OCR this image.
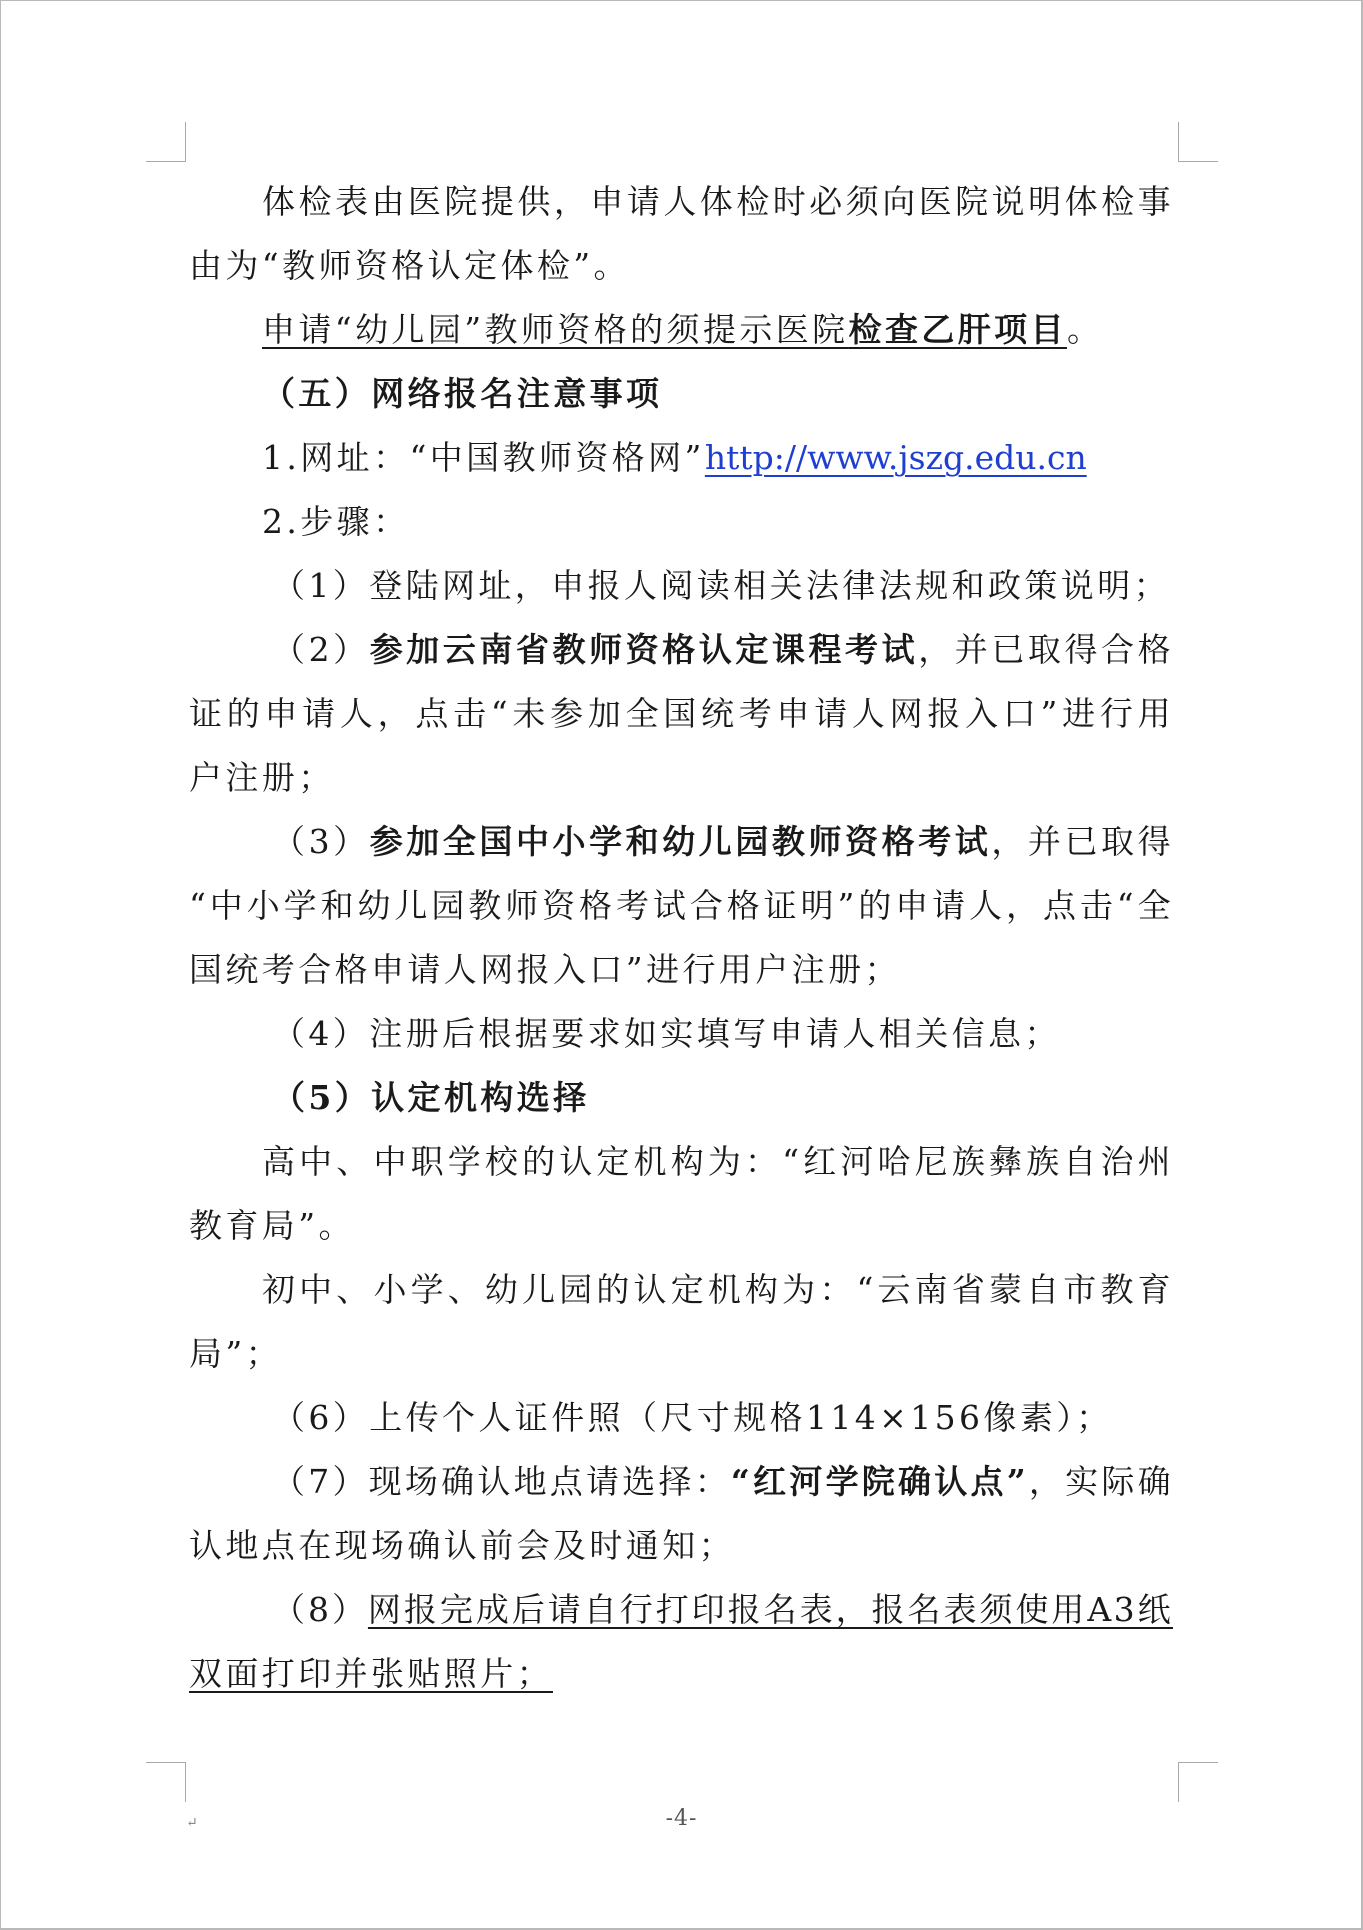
体检表由医院提供，申请人体检时必须向医院说明体检事
由为“教师资格认定体检”。
申请“幼儿园”教师资格的须提示医院检查乙肝项目。
（五）网络报名注意事项
1.网址：“中国教师资格网”http://www.jszg.edu.cn
2.步骤：
（1）登陆网址，申报人阅读相关法律法规和政策说明；
（2）参加云南省教师资格认定课程考试，并已取得合格
证的申请人，点击“未参加全国统考申请人网报入口”进行用
户注册；
（3）参加全国中小学和幼儿园教师资格考试，并已取得
“中小学和幼儿园教师资格考试合格证明”的申请人，点击“全
国统考合格申请人网报入口”进行用户注册；
（4）注册后根据要求如实填写申请人相关信息；
（5）认定机构选择
高中、中职学校的认定机构为：“红河哈尼族彝族自治州
教育局”。
初中、小学、幼儿园的认定机构为：“云南省蒙自市教育
局”；
（6）上传个人证件照（尺寸规格114×156像素）；
（7）现场确认地点请选择：“红河学院确认点”，实际确
认地点在现场确认前会及时通知；
（8）网报完成后请自行打印报名表，报名表须使用A3纸
双面打印并张贴照片；
↵	-4-
